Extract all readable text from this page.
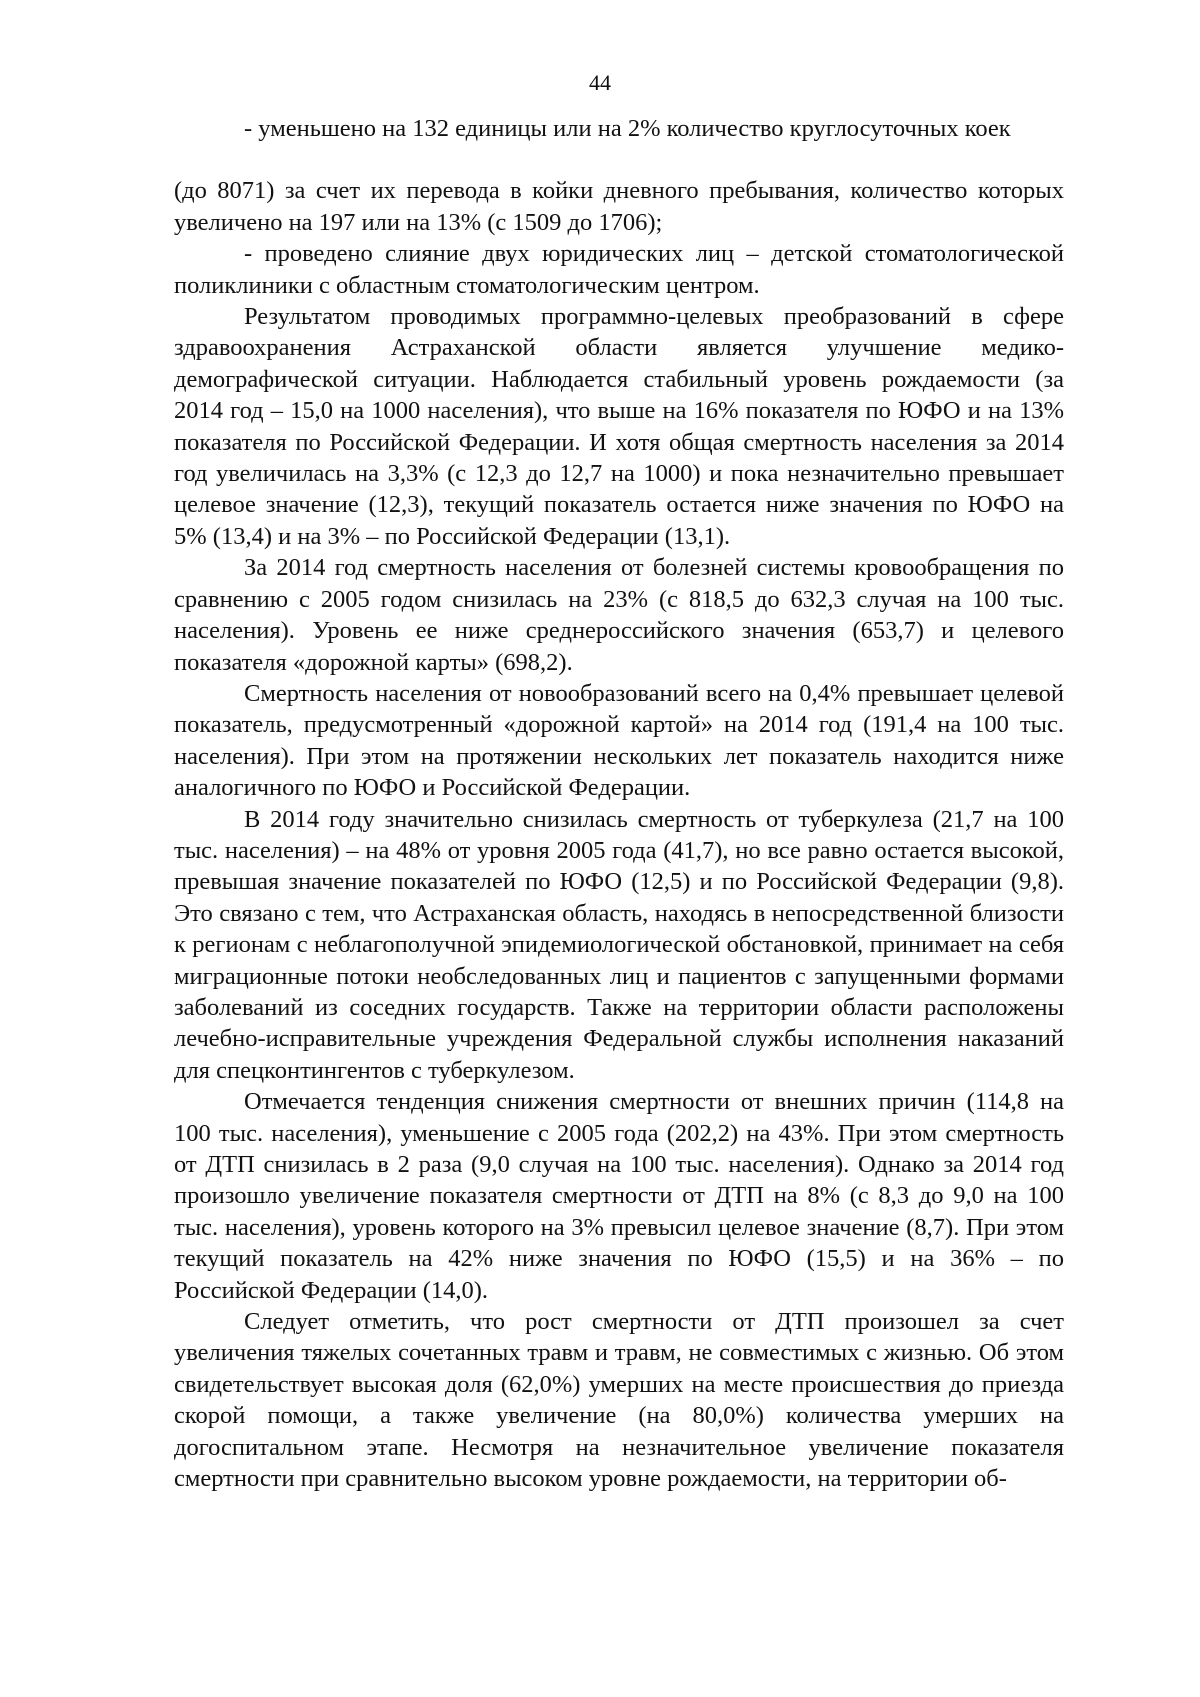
44

- уменьшено на 132 единицы или на 2% количество круглосуточных коек

(до 8071) за счет их перевода в койки дневного пребывания, количество которых увеличено на 197 или на 13% (с 1509 до 1706);

- проведено слияние двух юридических лиц – детской стоматологической поликлиники с областным стоматологическим центром.

Результатом проводимых программно-целевых преобразований в сфере здравоохранения Астраханской области является улучшение медико-демографической ситуации. Наблюдается стабильный уровень рождаемости (за 2014 год – 15,0 на 1000 населения), что выше на 16% показателя по ЮФО и на 13% показателя по Российской Федерации. И хотя общая смертность населения за 2014 год увеличилась на 3,3% (с 12,3 до 12,7 на 1000) и пока незначительно превышает целевое значение (12,3), текущий показатель остается ниже значения по ЮФО на 5% (13,4) и на 3% – по Российской Федерации (13,1).

За 2014 год смертность населения от болезней системы кровообращения по сравнению с 2005 годом снизилась на 23% (с 818,5 до 632,3 случая на 100 тыс. населения). Уровень ее ниже среднероссийского значения (653,7) и целевого показателя «дорожной карты» (698,2).

Смертность населения от новообразований всего на 0,4% превышает целевой показатель, предусмотренный «дорожной картой» на 2014 год (191,4 на 100 тыс. населения). При этом на протяжении нескольких лет показатель находится ниже аналогичного по ЮФО и Российской Федерации.

В 2014 году значительно снизилась смертность от туберкулеза (21,7 на 100 тыс. населения) – на 48% от уровня 2005 года (41,7), но все равно остается высокой, превышая значение показателей по ЮФО (12,5) и по Российской Федерации (9,8). Это связано с тем, что Астраханская область, находясь в непосредственной близости к регионам с неблагополучной эпидемиологической обстановкой, принимает на себя миграционные потоки необследованных лиц и пациентов с запущенными формами заболеваний из соседних государств. Также на территории области расположены лечебно-исправительные учреждения Федеральной службы исполнения наказаний для спецконтингентов с туберкулезом.

Отмечается тенденция снижения смертности от внешних причин (114,8 на 100 тыс. населения), уменьшение с 2005 года (202,2) на 43%. При этом смертность от ДТП снизилась в 2 раза (9,0 случая на 100 тыс. населения). Однако за 2014 год произошло увеличение показателя смертности от ДТП на 8% (с 8,3 до 9,0 на 100 тыс. населения), уровень которого на 3% превысил целевое значение (8,7). При этом текущий показатель на 42% ниже значения по ЮФО (15,5) и на 36% – по Российской Федерации (14,0).

Следует отметить, что рост смертности от ДТП произошел за счет увеличения тяжелых сочетанных травм и травм, не совместимых с жизнью. Об этом свидетельствует высокая доля (62,0%) умерших на месте происшествия до приезда скорой помощи, а также увеличение (на 80,0%) количества умерших на догоспитальном этапе. Несмотря на незначительное увеличение показателя смертности при сравнительно высоком уровне рождаемости, на территории об-
